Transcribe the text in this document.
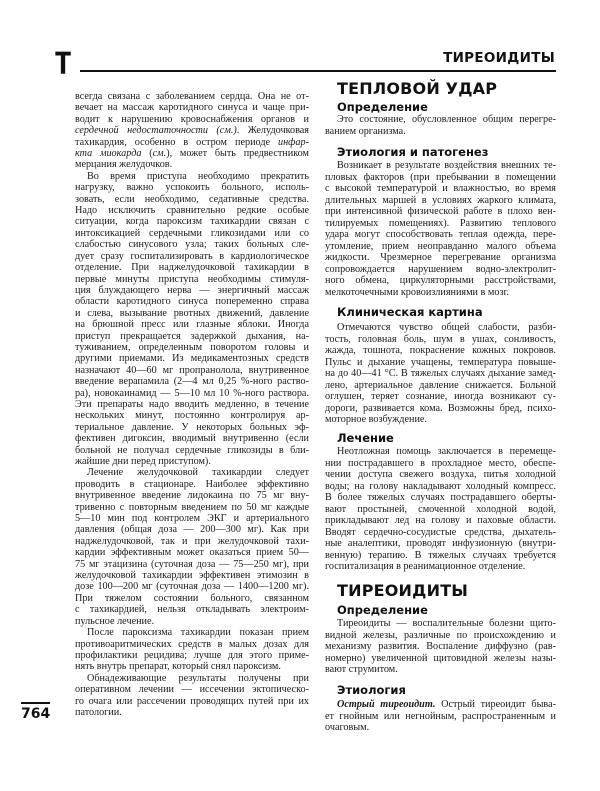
Т	ТИРЕОИДИТЫ
764
всегда связана с заболеванием сердца. Она не от-
вечает на массаж каротидного синуса и чаще при-
водит к нарушению кровоснабжения органов и
сердечной недостаточности (см.). Желудочковая
тахикардия, особенно в остром периоде инфар-
кта миокарда (см.), может быть предвестником
мерцания желудочков.
Во время приступа необходимо прекратить
нагрузку, важно успокоить больного, исполь-
зовать, если необходимо, седативные средства.
Надо исключить сравнительно редкие особые
ситуации, когда пароксизм тахикардии связан с
интоксикацией сердечными гликозидами или со
слабостью синусового узла; таких больных сле-
дует сразу госпитализировать в кардиологическое
отделение. При наджелудочковой тахикардии в
первые минуты приступа необходимы стимуля-
ция блуждающего нерва — энергичный массаж
области каротидного синуса попеременно справа
и слева, вызывание рвотных движений, давление
на брюшной пресс или глазные яблоки. Иногда
приступ прекращается задержкой дыхания, на-
туживанием, определенным поворотом головы и
другими приемами. Из медикаментозных средств
назначают 40—60 мг пропранолола, внутривенное
введение верапамила (2—4 мл 0,25 %-ного раство-
ра), новокаинамид — 5—10 мл 10 %-ного раствора.
Эти препараты надо вводить медленно, в течение
нескольких минут, постоянно контролируя ар-
териальное давление. У некоторых больных эф-
фективен дигоксин, вводимый внутривенно (если
больной не получал сердечные гликозиды в бли-
жайшие дни перед приступом).
Лечение желудочковой тахикардии следует
проводить в стационаре. Наиболее эффективно
внутривенное введение лидокаина по 75 мг вну-
тривенно с повторным введением по 50 мг каждые
5—10 мин под контролем ЭКГ и артериального
давления (общая доза — 200—300 мг). Как при
наджелудочковой, так и при желудочковой тахи-
кардии эффективным может оказаться прием 50—
75 мг этацизина (суточная доза — 75—250 мг), при
желудочковой тахикардии эффективен этимозин в
дозе 100—200 мг (суточная доза — 1400—1200 мг).
При тяжелом состоянии больного, связанном
с тахикардией, нельзя откладывать электроим-
пульсное лечение.
После пароксизма тахикардии показан прием
противоаритмических средств в малых дозах для
профилактики рецидива; лучше для этого приме-
нять внутрь препарат, который снял пароксизм.
Обнадеживающие результаты получены при
оперативном лечении — иссечении эктопическо-
го очага или рассечении проводящих путей при их
патологии.
ТЕПЛОВОЙ УДАР
Определение
Это состояние, обусловленное общим перегре-
ванием организма.
Этиология и патогенез
Возникает в результате воздействия внешних те-
пловых факторов (при пребывании в помещении
с высокой температурой и влажностью, во время
длительных маршей в условиях жаркого климата,
при интенсивной физической работе в плохо вен-
тилируемых помещениях). Развитию теплового
удара могут способствовать теплая одежда, пере-
утомление, прием неоправданно малого объема
жидкости. Чрезмерное перегревание организма
сопровождается нарушением водно-электролит-
ного обмена, циркуляторными расстройствами,
мелкоточечными кровоизлияниями в мозг.
Клиническая картина
Отмечаются чувство общей слабости, разби-
тость, головная боль, шум в ушах, сонливость,
жажда, тошнота, покраснение кожных покровов.
Пульс и дыхание учащены, температура повыше-
на до 40—41 °С. В тяжелых случаях дыхание замед-
лено, артериальное давление снижается. Больной
оглушен, теряет сознание, иногда возникают су-
дороги, развивается кома. Возможны бред, психо-
моторное возбуждение.
Лечение
Неотложная помощь заключается в перемеще-
нии пострадавшего в прохладное место, обеспе-
чении доступа свежего воздуха, питья холодной
воды; на голову накладывают холодный компресс.
В более тяжелых случаях пострадавшего оберты-
вают простыней, смоченной холодной водой,
прикладывают лед на голову и паховые области.
Вводят сердечно-сосудистые средства, дыхатель-
ные аналептики, проводят инфузионную (внутри-
венную) терапию. В тяжелых случаях требуется
госпитализация в реанимационное отделение.
ТИРЕОИДИТЫ
Определение
Тиреоидиты — воспалительные болезни щито-
видной железы, различные по происхождению и
механизму развития. Воспаление диффузно (рав-
номерно) увеличенной щитовидной железы назы-
вают струмитом.
Этиология
Острый тиреоидит. Острый тиреоидит быва-
ет гнойным или негнойным, распространенным и
очаговым.
